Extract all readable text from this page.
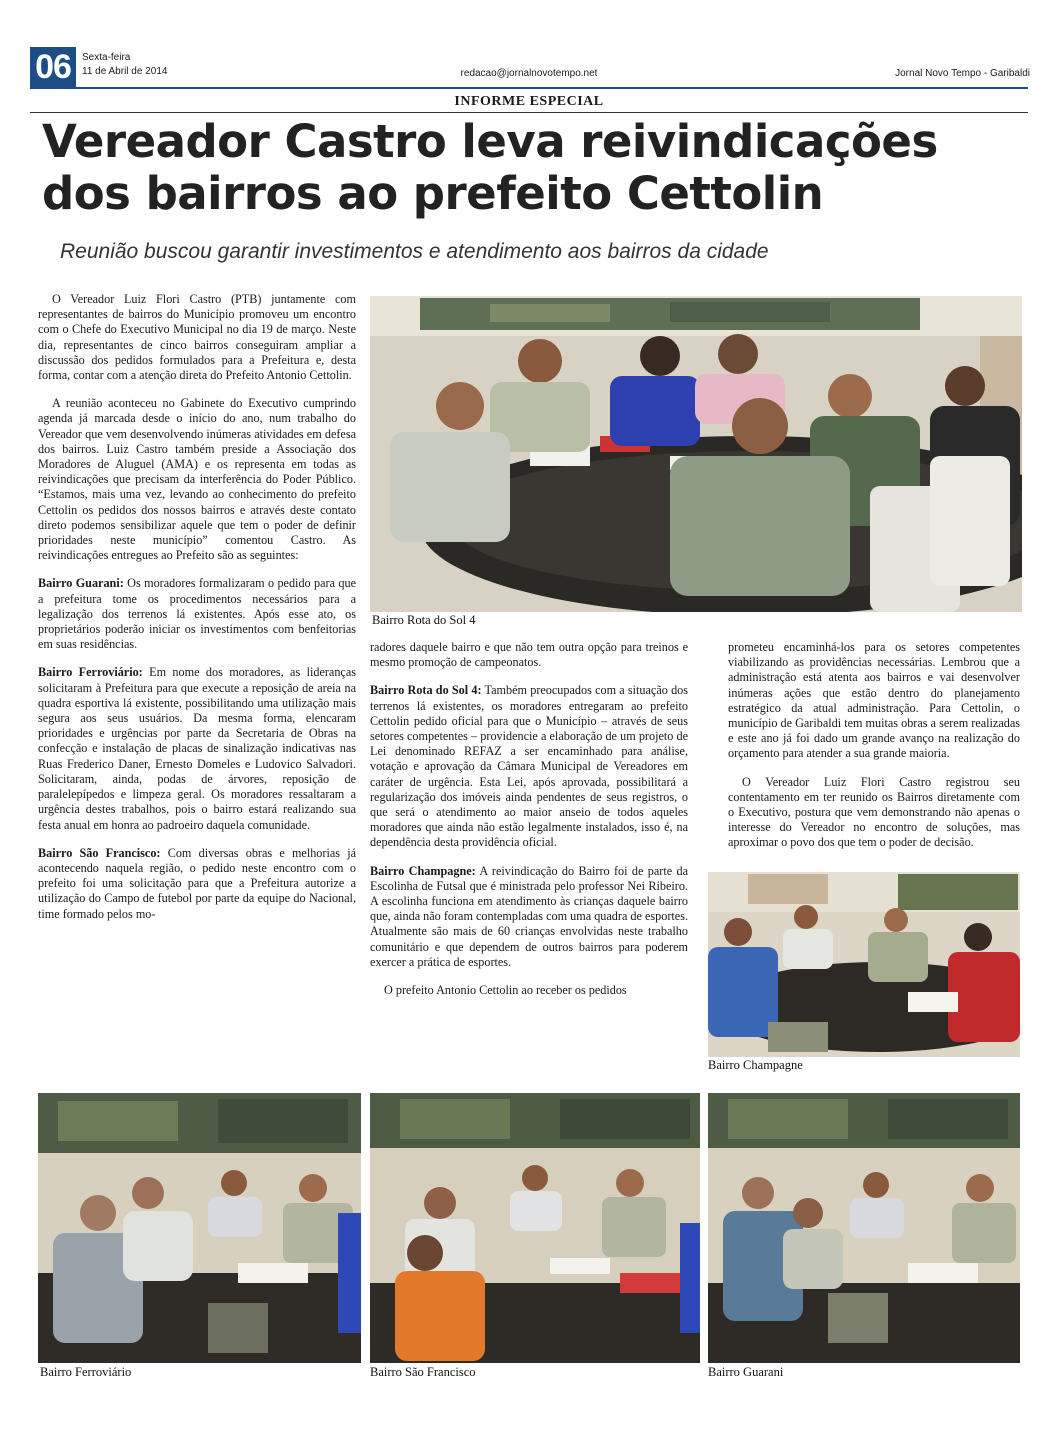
06	Sexta-feira
11 de Abril de 2014	redacao@jornalnovotempo.net	Jornal Novo Tempo - Garibaldi
INFORME ESPECIAL
Vereador Castro leva reivindicações dos bairros ao prefeito Cettolin
Reunião buscou garantir investimentos e atendimento aos bairros da cidade

O Vereador Luiz Flori Castro (PTB) juntamente com representantes de bairros do Município promoveu um encontro com o Chefe do Executivo Municipal no dia 19 de março. Neste dia, representantes de cinco bairros conseguiram ampliar a discussão dos pedidos formulados para a Prefeitura e, desta forma, contar com a atenção direta do Prefeito Antonio Cettolin.

A reunião aconteceu no Gabinete do Executivo cumprindo agenda já marcada desde o início do ano, num trabalho do Vereador que vem desenvolvendo inúmeras atividades em defesa dos bairros. Luiz Castro também preside a Associação dos Moradores de Aluguel (AMA) e os representa em todas as reivindicações que precisam da interferência do Poder Público. “Estamos, mais uma vez, levando ao conhecimento do prefeito Cettolin os pedidos dos nossos bairros e através deste contato direto podemos sensibilizar aquele que tem o poder de definir prioridades neste município” comentou Castro. As reivindicações entregues ao Prefeito são as seguintes:

Bairro Guarani: Os moradores formalizaram o pedido para que a prefeitura tome os procedimentos necessários para a legalização dos terrenos lá existentes. Após esse ato, os proprietários poderão iniciar os investimentos com benfeitorias em suas residências.

Bairro Ferroviário: Em nome dos moradores, as lideranças solicitaram à Prefeitura para que execute a reposição de areia na quadra esportiva lá existente, possibilitando uma utilização mais segura aos seus usuários. Da mesma forma, elencaram prioridades e urgências por parte da Secretaria de Obras na confecção e instalação de placas de sinalização indicativas nas Ruas Frederico Daner, Ernesto Domeles e Ludovico Salvadori. Solicitaram, ainda, podas de árvores, reposição de paralelepípedos e limpeza geral. Os moradores ressaltaram a urgência destes trabalhos, pois o bairro estará realizando sua festa anual em honra ao padroeiro daquela comunidade.

Bairro São Francisco: Com diversas obras e melhorias já acontecendo naquela região, o pedido neste encontro com o prefeito foi uma solicitação para que a Prefeitura autorize a utilização do Campo de futebol por parte da equipe do Nacional, time formado pelos mo-

Bairro Rota do Sol 4

radores daquele bairro e que não tem outra opção para treinos e mesmo promoção de campeonatos.

Bairro Rota do Sol 4: Também preocupados com a situação dos terrenos lá existentes, os moradores entregaram ao prefeito Cettolin pedido oficial para que o Município – através de seus setores competentes – providencie a elaboração de um projeto de Lei denominado REFAZ a ser encaminhado para análise, votação e aprovação da Câmara Municipal de Vereadores em caráter de urgência. Esta Lei, após aprovada, possibilitará a regularização dos imóveis ainda pendentes de seus registros, o que será o atendimento ao maior anseio de todos aqueles moradores que ainda não estão legalmente instalados, isso é, na dependência desta providência oficial.

Bairro Champagne: A reivindicação do Bairro foi de parte da Escolinha de Futsal que é ministrada pelo professor Nei Ribeiro. A escolinha funciona em atendimento às crianças daquele bairro que, ainda não foram contempladas com uma quadra de esportes. Atualmente são mais de 60 crianças envolvidas neste trabalho comunitário e que dependem de outros bairros para poderem exercer a prática de esportes.

O prefeito Antonio Cettolin ao receber os pedidos

prometeu encaminhá-los para os setores competentes viabilizando as providências necessárias. Lembrou que a administração está atenta aos bairros e vai desenvolver inúmeras ações que estão dentro do planejamento estratégico da atual administração. Para Cettolin, o município de Garibaldi tem muitas obras a serem realizadas e este ano já foi dado um grande avanço na realização do orçamento para atender a sua grande maioria.

O Vereador Luiz Flori Castro registrou seu contentamento em ter reunido os Bairros diretamente com o Executivo, postura que vem demonstrando não apenas o interesse do Vereador no encontro de soluções, mas aproximar o povo dos que tem o poder de decisão.

Bairro Champagne
Bairro Ferroviário	Bairro São Francisco	Bairro Guarani
